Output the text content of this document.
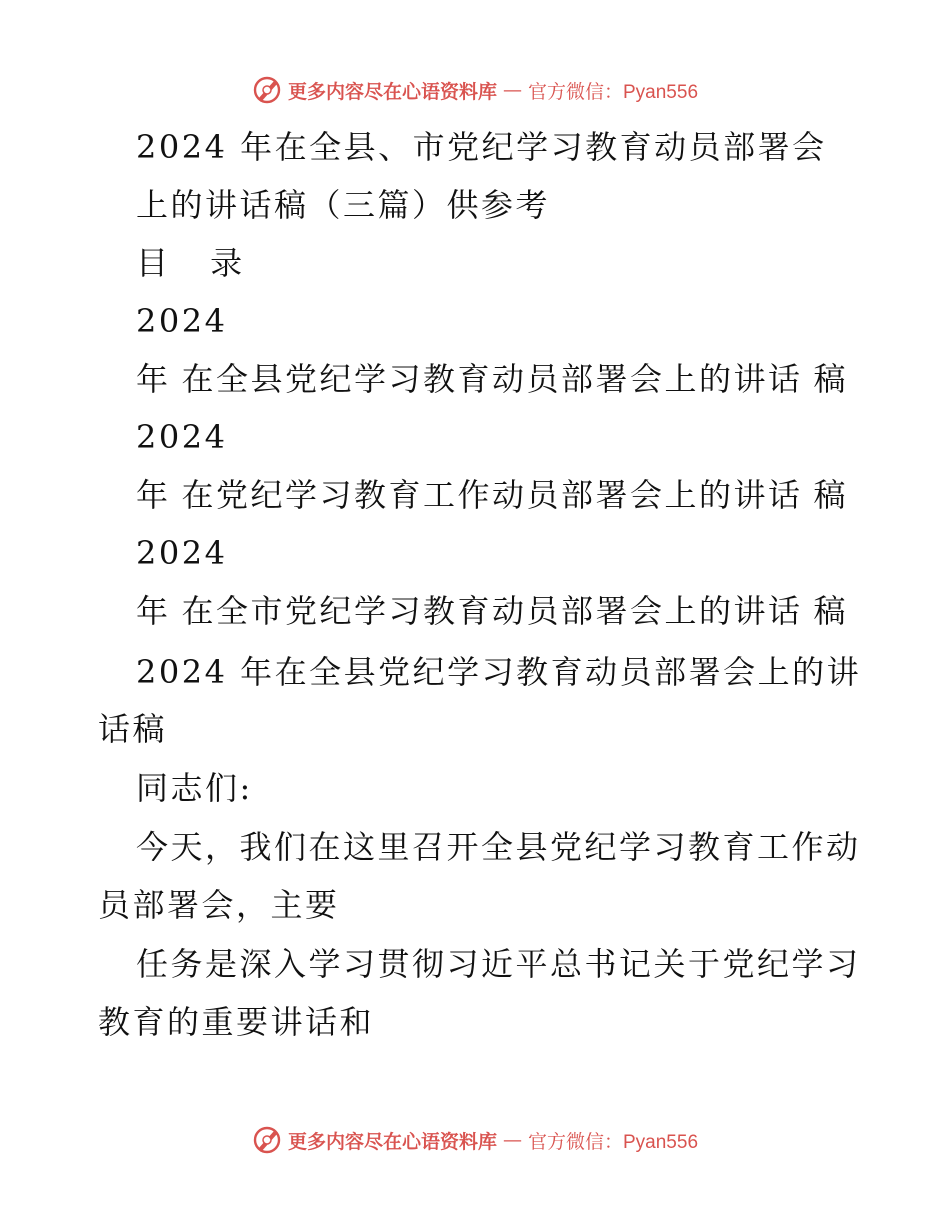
更多内容尽在心语资料库 — 官方微信：Pyan556
2024 年在全县、市党纪学习教育动员部署会
上的讲话稿（三篇）供参考
目 录
2024
年 在全县党纪学习教育动员部署会上的讲话 稿
2024
年 在党纪学习教育工作动员部署会上的讲话 稿
2024
年 在全市党纪学习教育动员部署会上的讲话 稿
2024 年在全县党纪学习教育动员部署会上的讲
话稿
同志们:
今天，我们在这里召开全县党纪学习教育工作动
员部署会，主要
任务是深入学习贯彻习近平总书记关于党纪学习
教育的重要讲话和
更多内容尽在心语资料库 — 官方微信：Pyan556
